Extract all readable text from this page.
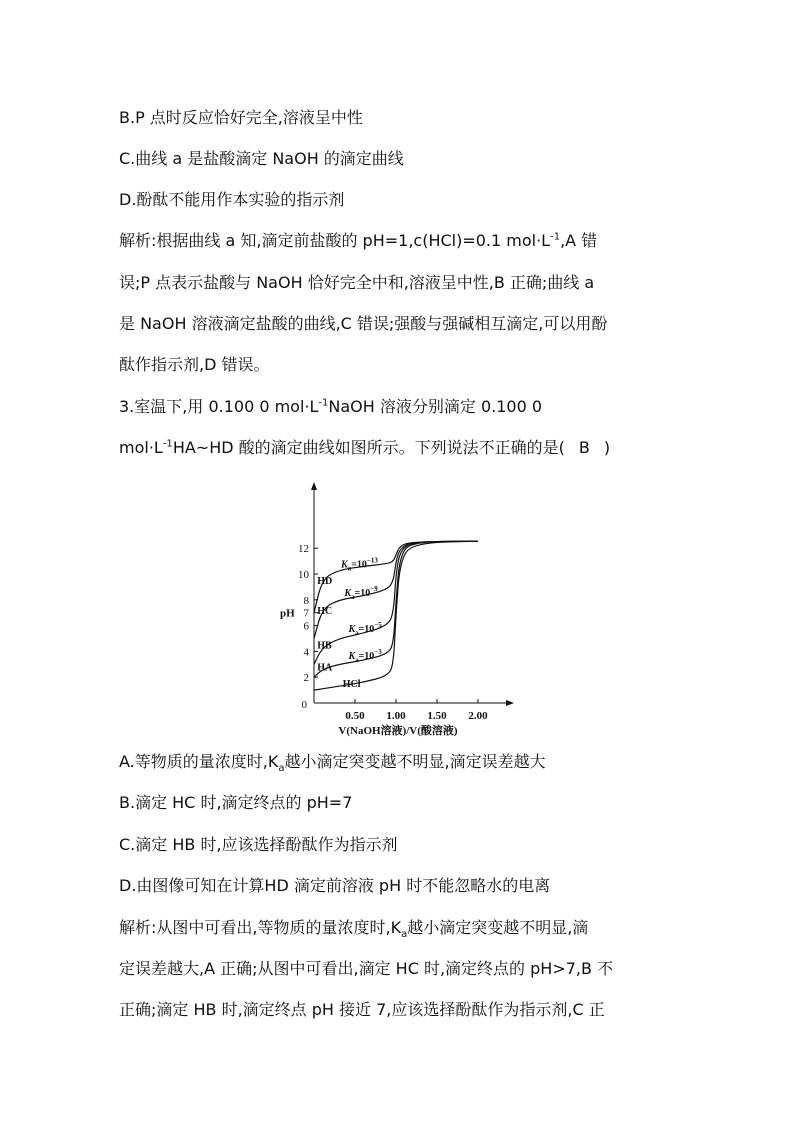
B.P 点时反应恰好完全,溶液呈中性
C.曲线 a 是盐酸滴定 NaOH 的滴定曲线
D.酚酞不能用作本实验的指示剂
解析:根据曲线 a 知,滴定前盐酸的 pH=1,c(HCl)=0.1 $mol\cdot L^{-1},A$ 错
误;P 点表示盐酸与 NaOH 恰好完全中和,溶液呈中性,B 正确;曲线 a
是 NaOH 溶液滴定盐酸的曲线,C 错误;强酸与强碱相互滴定,可以用酚
酞作指示剂,D 错误。
3.室温下,用 0.100 0 $mol\cdot L^{-1}NaOH$ 溶液分别滴定 0.100 0
$mol\cdot L^{-1}HA\sim HD$ 酸的滴定曲线如图所示。下列说法不正确的是( B )
0
0.50 1.00 1.50 2.00
V(NaOH溶液)/V(酸溶液)
2
4
6
7
8
10
12
pH
HD
HC
HB
HA
HCl
$K_a=10^{-13}$
$K_a=10^{-9}$
$K_a=10^{-5}$
$K_a=10^{-3}$
A.等物质的量浓度时$,K_a$越小滴定突变越不明显,滴定误差越大
B.滴定 HC 时,滴定终点的 pH=7
C.滴定 HB 时,应该选择酚酞作为指示剂
D.由图像可知在计算HD 滴定前溶液 pH 时不能忽略水的电离
解析:从图中可看出,等物质的量浓度时$,K_a$越小滴定突变越不明显,滴
定误差越大,A 正确;从图中可看出,滴定 HC 时,滴定终点的 pH>7,B 不
正确;滴定 HB 时,滴定终点 pH 接近 7,应该选择酚酞作为指示剂,C 正
